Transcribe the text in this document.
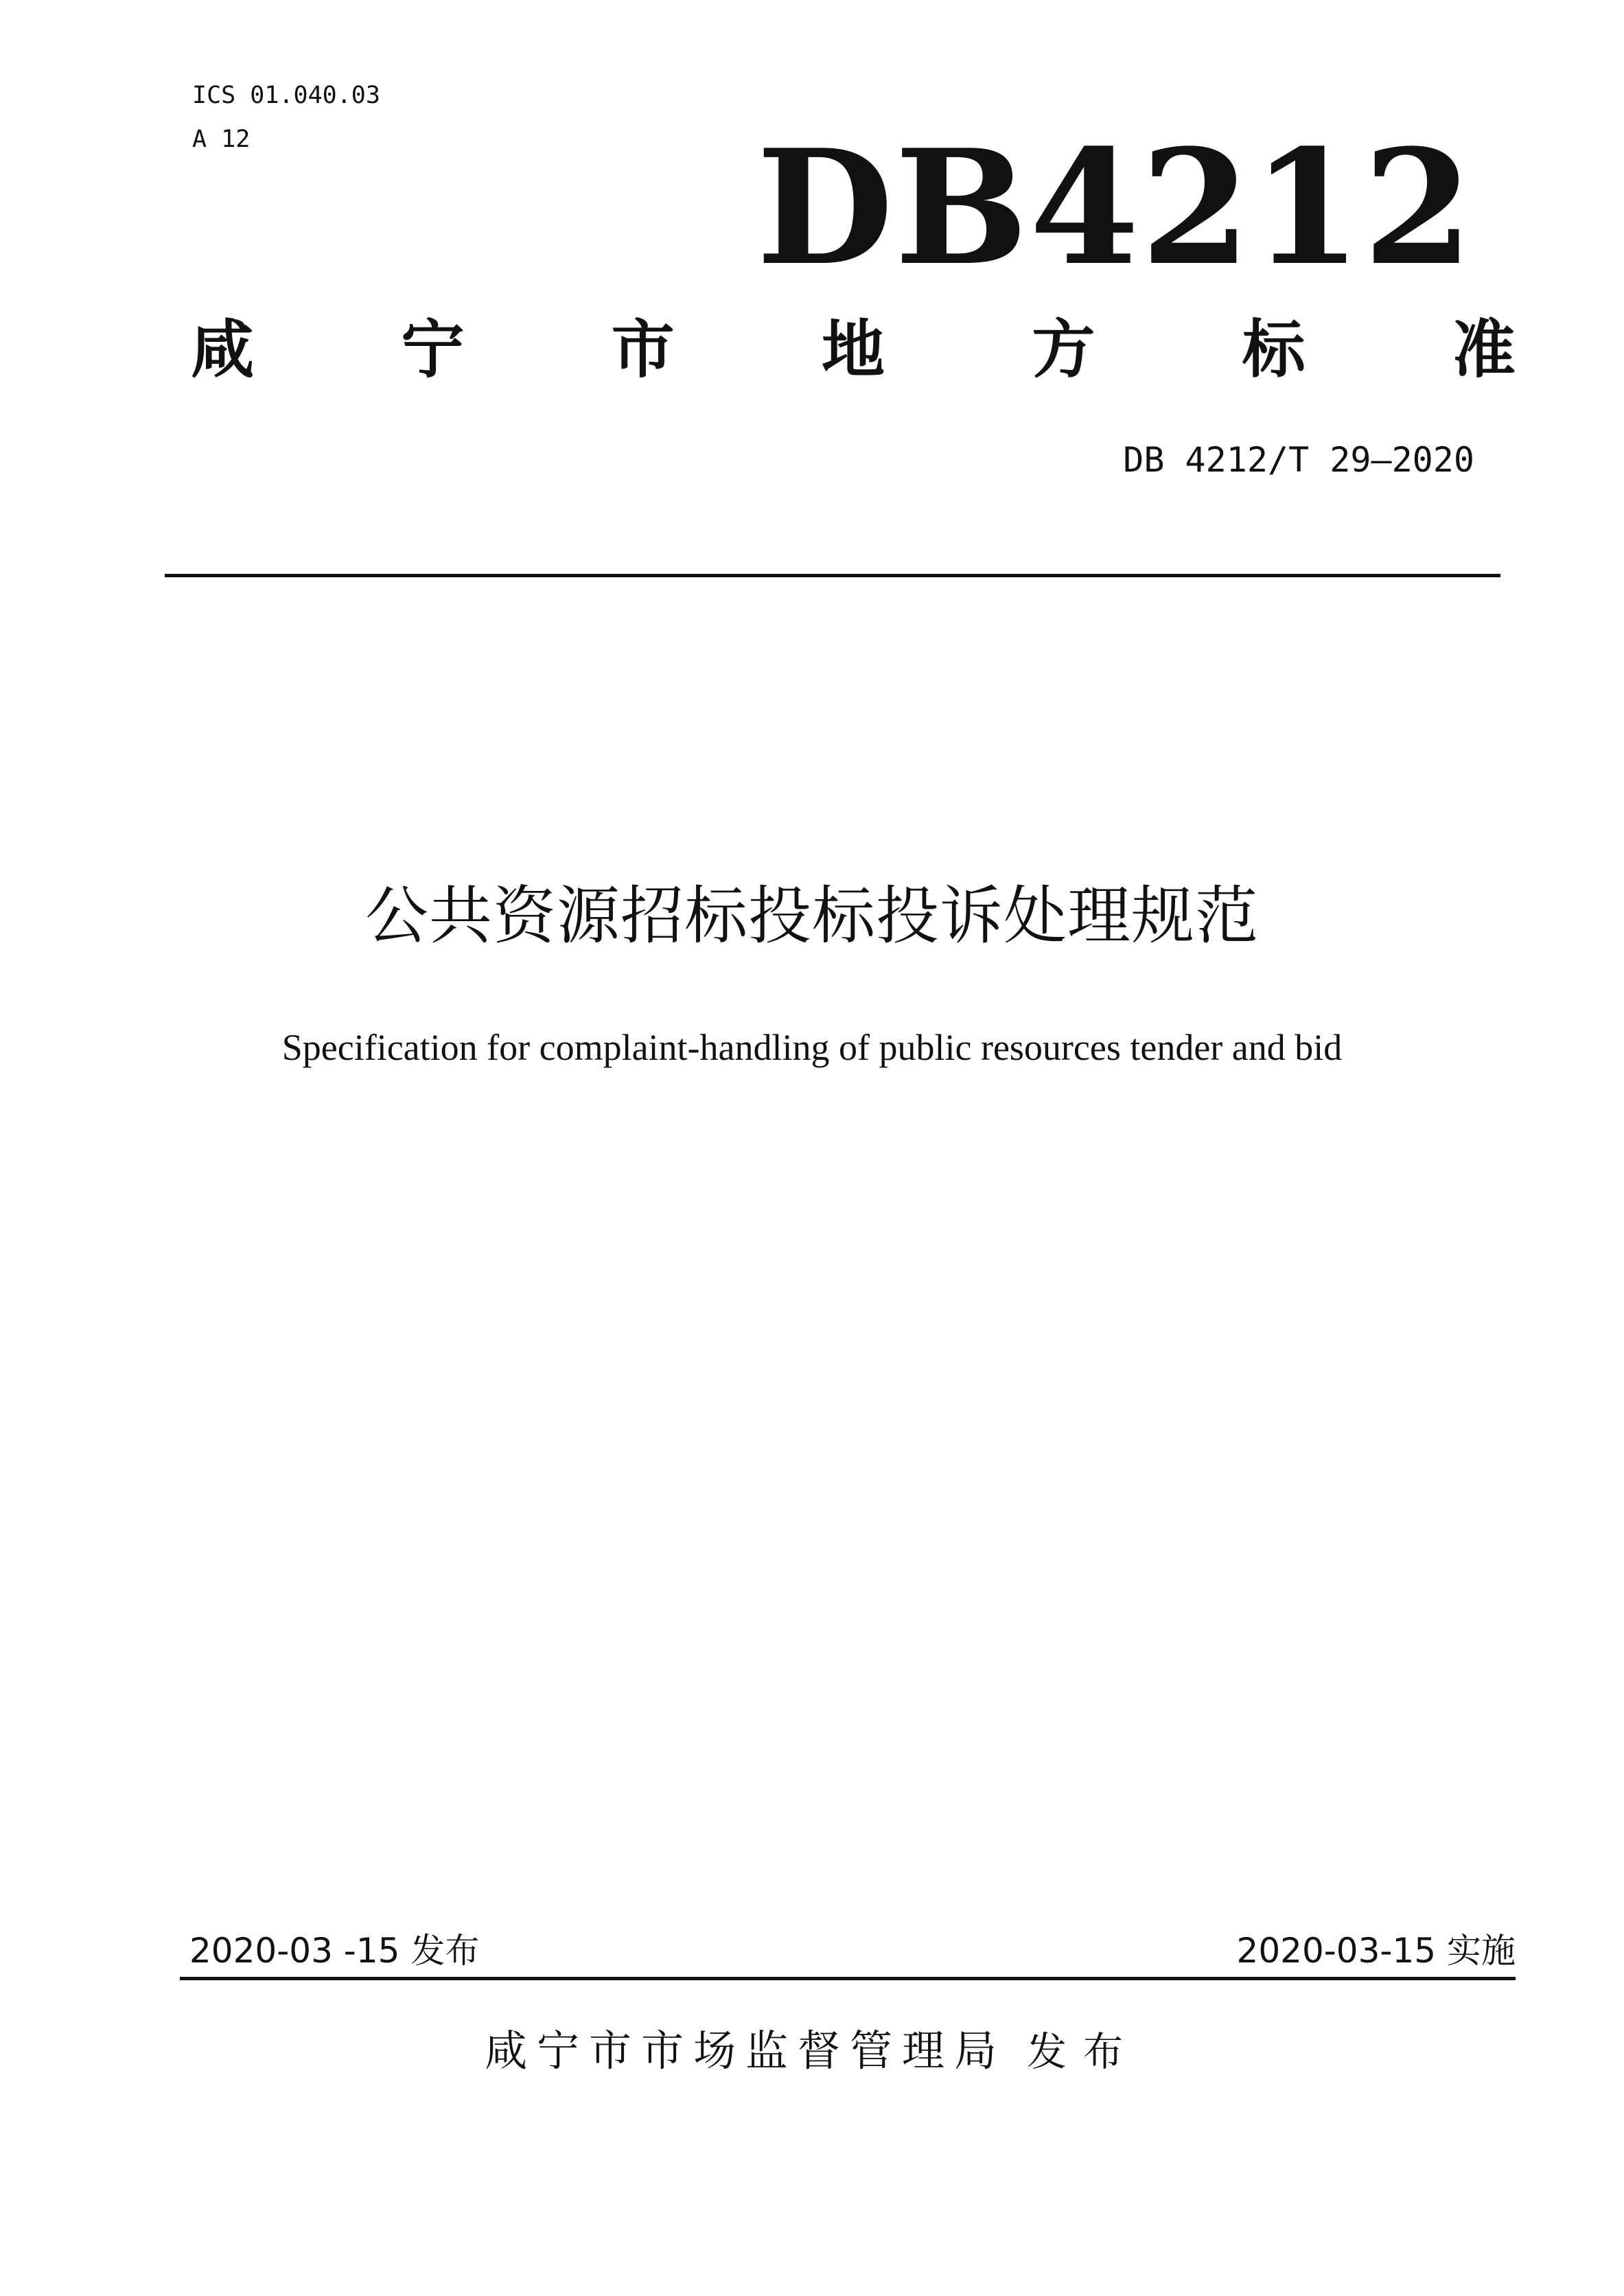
ICS 01.040.03
A 12	DB4212
咸 宁 市 地 方 标 准
DB 4212/T 29—2020
公共资源招标投标投诉处理规范
Specification for complaint-handling of public resources tender and bid
2020-03 -15 发布	2020-03-15 实施
咸宁市市场监督管理局 发布
